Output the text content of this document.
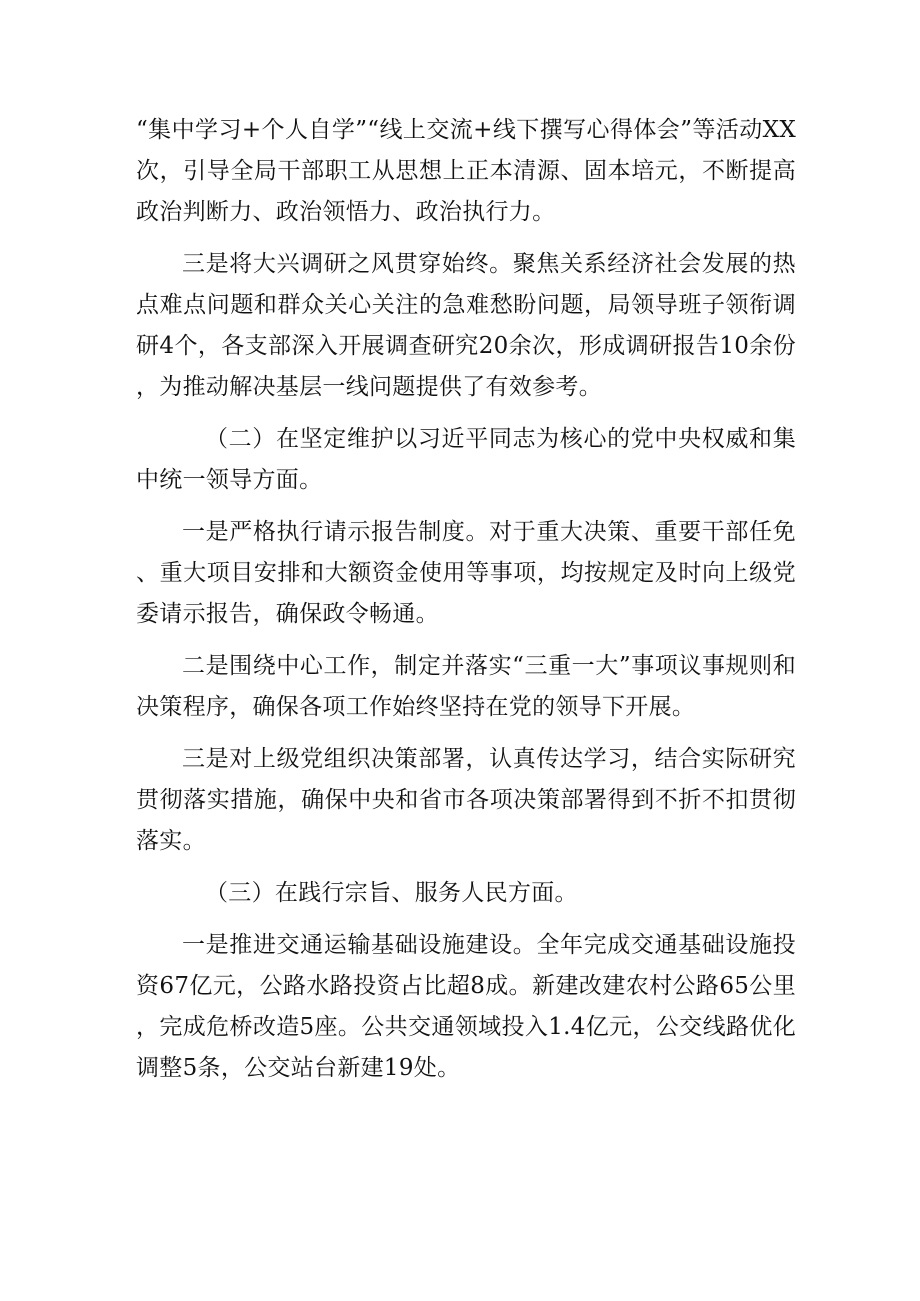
“集中学习+个人自学”“线上交流+线下撰写心得体会”等活动XX次，引导全局干部职工从思想上正本清源、固本培元，不断提高政治判断力、政治领悟力、政治执行力。

三是将大兴调研之风贯穿始终。聚焦关系经济社会发展的热点难点问题和群众关心关注的急难愁盼问题，局领导班子领衔调研4个，各支部深入开展调查研究20余次，形成调研报告10余份，为推动解决基层一线问题提供了有效参考。

（二）在坚定维护以习近平同志为核心的党中央权威和集中统一领导方面。

一是严格执行请示报告制度。对于重大决策、重要干部任免、重大项目安排和大额资金使用等事项，均按规定及时向上级党委请示报告，确保政令畅通。

二是围绕中心工作，制定并落实“三重一大”事项议事规则和决策程序，确保各项工作始终坚持在党的领导下开展。

三是对上级党组织决策部署，认真传达学习，结合实际研究贯彻落实措施，确保中央和省市各项决策部署得到不折不扣贯彻落实。

（三）在践行宗旨、服务人民方面。

一是推进交通运输基础设施建设。全年完成交通基础设施投资67亿元，公路水路投资占比超8成。新建改建农村公路65公里，完成危桥改造5座。公共交通领域投入1.4亿元，公交线路优化调整5条，公交站台新建19处。
